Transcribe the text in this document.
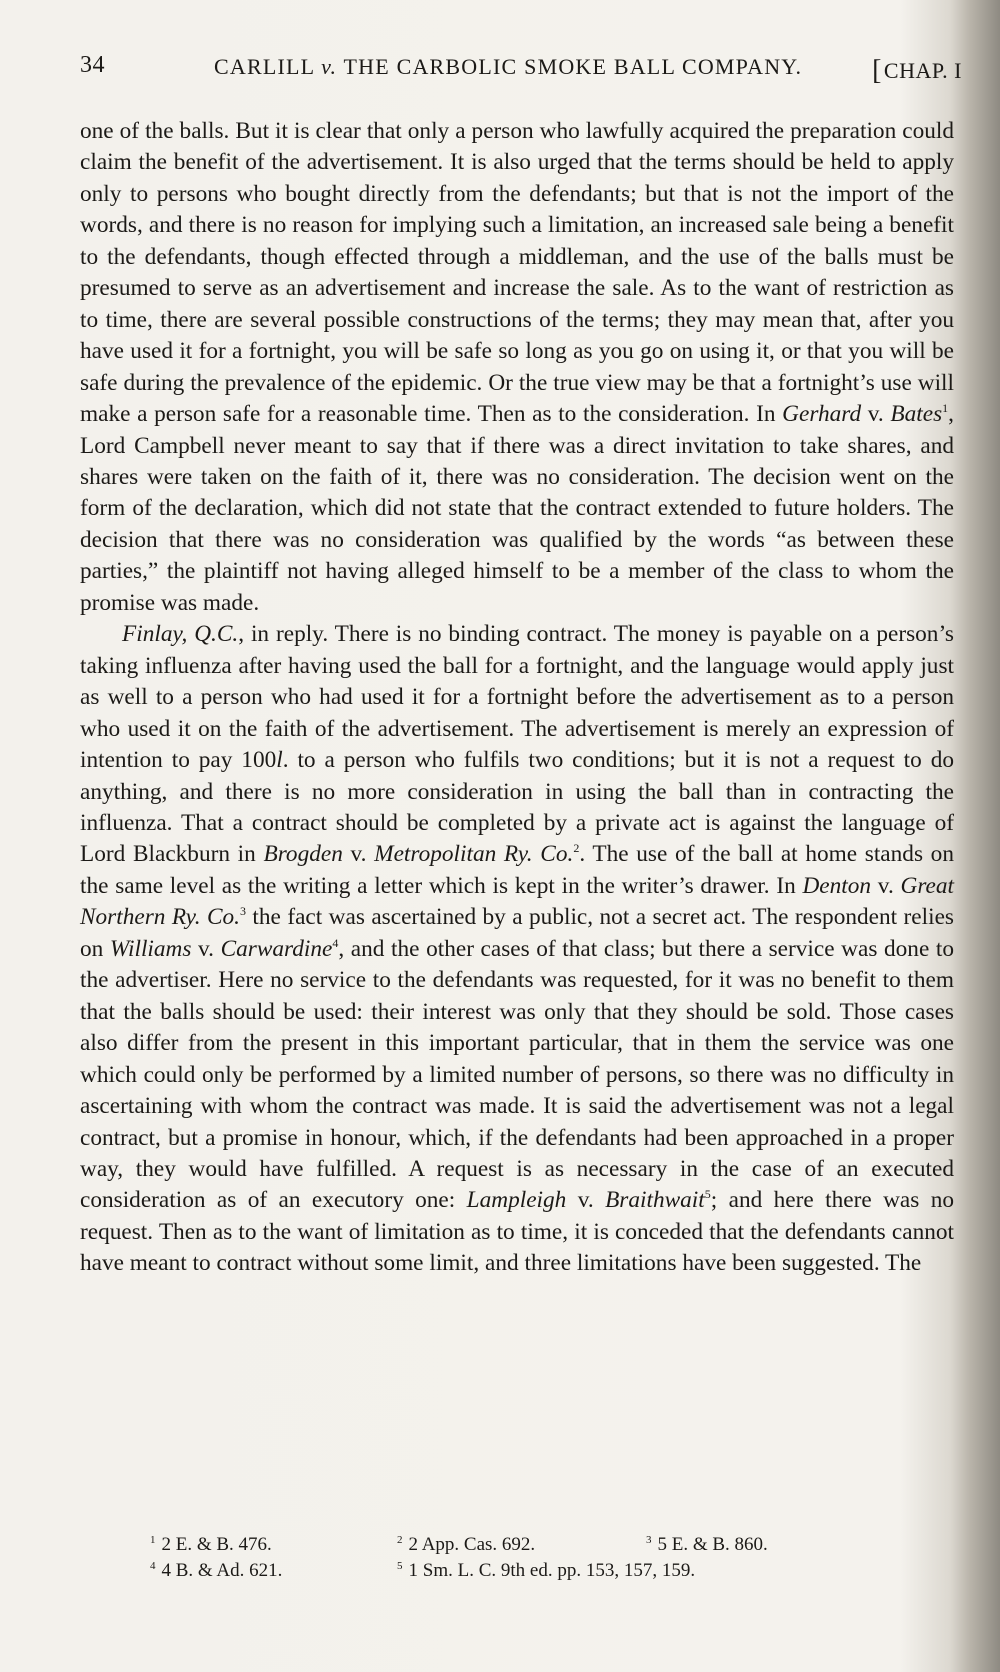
34	CARLILL v. THE CARBOLIC SMOKE BALL COMPANY.
[	CHAP. I

one of the balls. But it is clear that only a person who lawfully acquired the preparation could claim the benefit of the advertisement. It is also urged that the terms should be held to apply only to persons who bought directly from the defendants; but that is not the import of the words, and there is no reason for implying such a limitation, an increased sale being a benefit to the defendants, though effected through a middleman, and the use of the balls must be presumed to serve as an advertisement and increase the sale. As to the want of restriction as to time, there are several possible constructions of the terms; they may mean that, after you have used it for a fortnight, you will be safe so long as you go on using it, or that you will be safe during the prevalence of the epidemic. Or the true view may be that a fortnight’s use will make a person safe for a reasonable time. Then as to the consideration. In Gerhard v. Bates$^1$, Lord Campbell never meant to say that if there was a direct invitation to take shares, and shares were taken on the faith of it, there was no consideration. The decision went on the form of the declaration, which did not state that the contract extended to future holders. The decision that there was no consideration was qualified by the words “as between these parties,” the plaintiff not having alleged himself to be a member of the class to whom the promise was made.

Finlay, Q.C., in reply. There is no binding contract. The money is payable on a person’s taking influenza after having used the ball for a fortnight, and the language would apply just as well to a person who had used it for a fortnight before the advertisement as to a person who used it on the faith of the advertisement. The advertisement is merely an expression of intention to pay 100l. to a person who fulfils two conditions; but it is not a request to do anything, and there is no more consideration in using the ball than in contracting the influenza. That a contract should be completed by a private act is against the language of Lord Blackburn in Brogden v. Metropolitan Ry. Co.$^2$. The use of the ball at home stands on the same level as the writing a letter which is kept in the writer’s drawer. In Denton v. Great Northern Ry. Co.$^3$ the fact was ascertained by a public, not a secret act. The respondent relies on Williams v. Carwardine$^4$, and the other cases of that class; but there a service was done to the advertiser. Here no service to the defendants was requested, for it was no benefit to them that the balls should be used: their interest was only that they should be sold. Those cases also differ from the present in this important particular, that in them the service was one which could only be performed by a limited number of persons, so there was no difficulty in ascertaining with whom the contract was made. It is said the advertisement was not a legal contract, but a promise in honour, which, if the defendants had been approached in a proper way, they would have fulfilled. A request is as necessary in the case of an executed consideration as of an executory one: Lampleigh v. Braithwait$^5$; and here there was no request. Then as to the want of limitation as to time, it is conceded that the defendants cannot have meant to contract without some limit, and three limitations have been suggested. The

$^1$ 2 E. & B. 476.	$^2$ 2 App. Cas. 692.	$^3$ 5 E. & B. 860.
$^4$ 4 B. & Ad. 621.	$^5$ 1 Sm. L. C. 9th ed. pp. 153, 157, 159.
